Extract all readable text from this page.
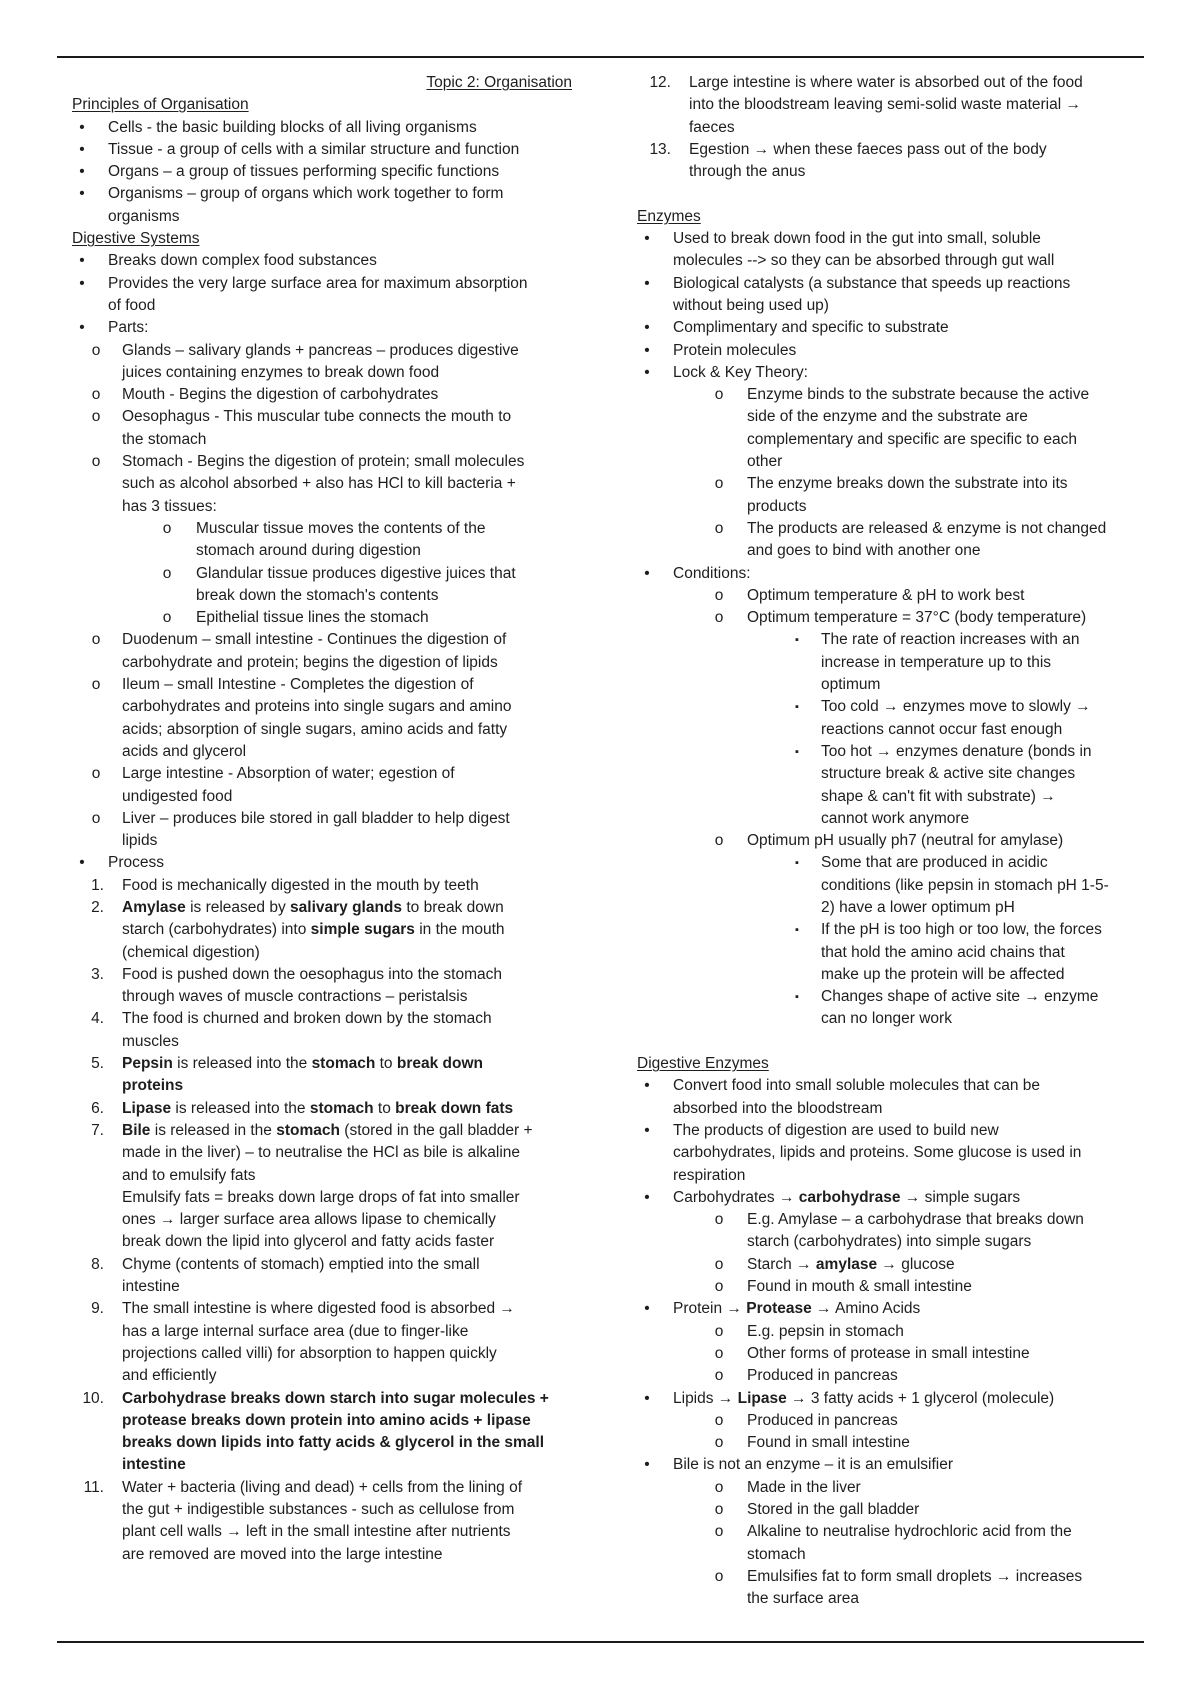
Topic 2: Organisation
Principles of Organisation
•	Cells - the basic building blocks of all living organisms
•	Tissue - a group of cells with a similar structure and function
•	Organs – a group of tissues performing specific functions
•	Organisms – group of organs which work together to form
organisms
Digestive Systems
•	Breaks down complex food substances
•	Provides the very large surface area for maximum absorption
of food
•	Parts:
o	Glands – salivary glands + pancreas – produces digestive
juices containing enzymes to break down food
o	Mouth - Begins the digestion of carbohydrates
o	Oesophagus - This muscular tube connects the mouth to
the stomach
o	Stomach - Begins the digestion of protein; small molecules
such as alcohol absorbed + also has HCl to kill bacteria +
has 3 tissues:
o	Muscular tissue moves the contents of the
stomach around during digestion
o	Glandular tissue produces digestive juices that
break down the stomach's contents
o	Epithelial tissue lines the stomach
o	Duodenum – small intestine - Continues the digestion of
carbohydrate and protein; begins the digestion of lipids
o	Ileum – small Intestine - Completes the digestion of
carbohydrates and proteins into single sugars and amino
acids; absorption of single sugars, amino acids and fatty
acids and glycerol
o	Large intestine - Absorption of water; egestion of
undigested food
o	Liver – produces bile stored in gall bladder to help digest
lipids
•	Process
1. Food is mechanically digested in the mouth by teeth
2. Amylase is released by salivary glands to break down
starch (carbohydrates) into simple sugars in the mouth
(chemical digestion)
3. Food is pushed down the oesophagus into the stomach
through waves of muscle contractions – peristalsis
4. The food is churned and broken down by the stomach
muscles
5. Pepsin is released into the stomach to break down
proteins
6. Lipase is released into the stomach to break down fats
7. Bile is released in the stomach (stored in the gall bladder +
made in the liver) – to neutralise the HCl as bile is alkaline
and to emulsify fats
Emulsify fats = breaks down large drops of fat into smaller
ones → larger surface area allows lipase to chemically
break down the lipid into glycerol and fatty acids faster
8. Chyme (contents of stomach) emptied into the small
intestine
9. The small intestine is where digested food is absorbed →
has a large internal surface area (due to finger-like
projections called villi) for absorption to happen quickly
and efficiently
10. Carbohydrase breaks down starch into sugar molecules +
protease breaks down protein into amino acids + lipase
breaks down lipids into fatty acids & glycerol in the small
intestine
11. Water + bacteria (living and dead) + cells from the lining of
the gut + indigestible substances - such as cellulose from
plant cell walls → left in the small intestine after nutrients
are removed are moved into the large intestine
12. Large intestine is where water is absorbed out of the food
into the bloodstream leaving semi-solid waste material →
faeces
13. Egestion → when these faeces pass out of the body
through the anus
Enzymes
•	Used to break down food in the gut into small, soluble
molecules --> so they can be absorbed through gut wall
•	Biological catalysts (a substance that speeds up reactions
without being used up)
•	Complimentary and specific to substrate
•	Protein molecules
•	Lock & Key Theory:
o	Enzyme binds to the substrate because the active
side of the enzyme and the substrate are
complementary and specific are specific to each
other
o	The enzyme breaks down the substrate into its
products
o	The products are released & enzyme is not changed
and goes to bind with another one
•	Conditions:
o	Optimum temperature & pH to work best
o	Optimum temperature = 37°C (body temperature)
▪	The rate of reaction increases with an
increase in temperature up to this
optimum
▪	Too cold → enzymes move to slowly →
reactions cannot occur fast enough
▪	Too hot → enzymes denature (bonds in
structure break & active site changes
shape & can't fit with substrate) →
cannot work anymore
o	Optimum pH usually ph7 (neutral for amylase)
▪	Some that are produced in acidic
conditions (like pepsin in stomach pH 1-5-
2) have a lower optimum pH
▪	If the pH is too high or too low, the forces
that hold the amino acid chains that
make up the protein will be affected
▪	Changes shape of active site → enzyme
can no longer work
Digestive Enzymes
•	Convert food into small soluble molecules that can be
absorbed into the bloodstream
•	The products of digestion are used to build new
carbohydrates, lipids and proteins. Some glucose is used in
respiration
•	Carbohydrates → carbohydrase → simple sugars
o	E.g. Amylase – a carbohydrase that breaks down
starch (carbohydrates) into simple sugars
o	Starch → amylase → glucose
o	Found in mouth & small intestine
•	Protein → Protease → Amino Acids
o	E.g. pepsin in stomach
o	Other forms of protease in small intestine
o	Produced in pancreas
•	Lipids → Lipase → 3 fatty acids + 1 glycerol (molecule)
o	Produced in pancreas
o	Found in small intestine
•	Bile is not an enzyme – it is an emulsifier
o	Made in the liver
o	Stored in the gall bladder
o	Alkaline to neutralise hydrochloric acid from the
stomach
o	Emulsifies fat to form small droplets → increases
the surface area
